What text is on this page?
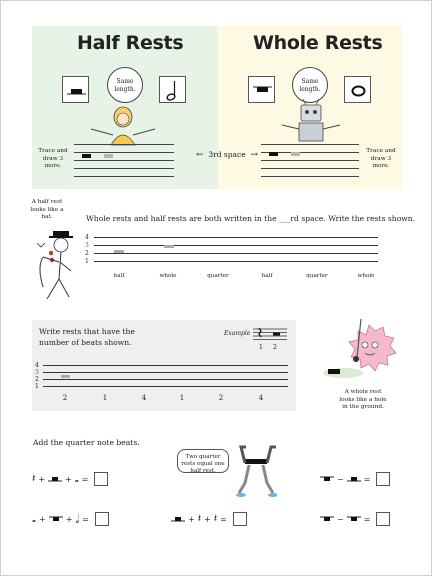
Half Rests	Whole Rests
Same length.
Trace and draw 3 more.
← 3rd space →
Same length.
Trace and draw 3 more.
A half rest looks like a hat.	Whole rests and half rests are both written in the ___rd space. Write the rests shown.
4
3
2
1
half	whole	quarter	half	quarter	whole
Write rests that have the number of beats shown.
Example
1	2
4
3
2
1
2	1	4	1	2	4
A whole rest looks like a hole in the ground.
Add the quarter note beats.
Two quarter rests equal one half rest.
𝄽 +	+ 𝅝 =	−	=
𝅝 +	+ 𝅗𝅥 =	+ 𝄽 + 𝄽 =	−	=
